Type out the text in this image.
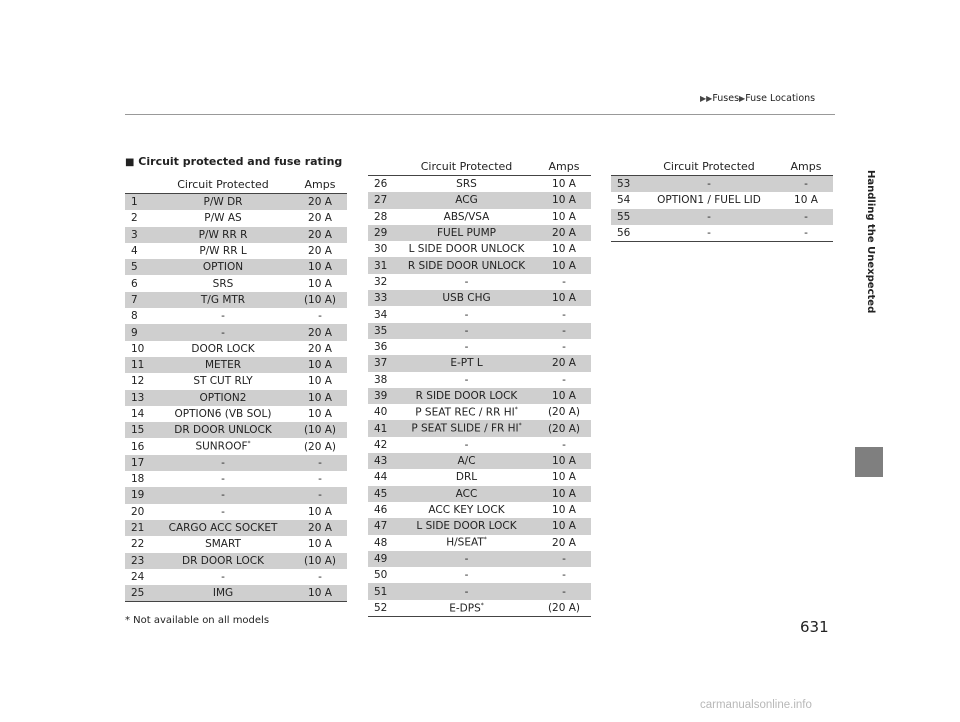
▶▶Fuses▶Fuse Locations
Handling the Unexpected
■ Circuit protected and fuse rating
	Circuit Protected	Amps
1	P/W DR	20 A
2	P/W AS	20 A
3	P/W RR R	20 A
4	P/W RR L	20 A
5	OPTION	10 A
6	SRS	10 A
7	T/G MTR	(10 A)
8	-	-
9	-	20 A
10	DOOR LOCK	20 A
11	METER	10 A
12	ST CUT RLY	10 A
13	OPTION2	10 A
14	OPTION6 (VB SOL)	10 A
15	DR DOOR UNLOCK	(10 A)
16	SUNROOF*	(20 A)
17	-	-
18	-	-
19	-	-
20	-	10 A
21	CARGO ACC SOCKET	20 A
22	SMART	10 A
23	DR DOOR LOCK	(10 A)
24	-	-
25	IMG	10 A
	Circuit Protected	Amps
26	SRS	10 A
27	ACG	10 A
28	ABS/VSA	10 A
29	FUEL PUMP	20 A
30	L SIDE DOOR UNLOCK	10 A
31	R SIDE DOOR UNLOCK	10 A
32	-	-
33	USB CHG	10 A
34	-	-
35	-	-
36	-	-
37	E-PT L	20 A
38	-	-
39	R SIDE DOOR LOCK	10 A
40	P SEAT REC / RR HI*	(20 A)
41	P SEAT SLIDE / FR HI*	(20 A)
42	-	-
43	A/C	10 A
44	DRL	10 A
45	ACC	10 A
46	ACC KEY LOCK	10 A
47	L SIDE DOOR LOCK	10 A
48	H/SEAT*	20 A
49	-	-
50	-	-
51	-	-
52	E-DPS*	(20 A)
	Circuit Protected	Amps
53	-	-
54	OPTION1 / FUEL LID	10 A
55	-	-
56	-	-
* Not available on all models	631
carmanualsonline.info
